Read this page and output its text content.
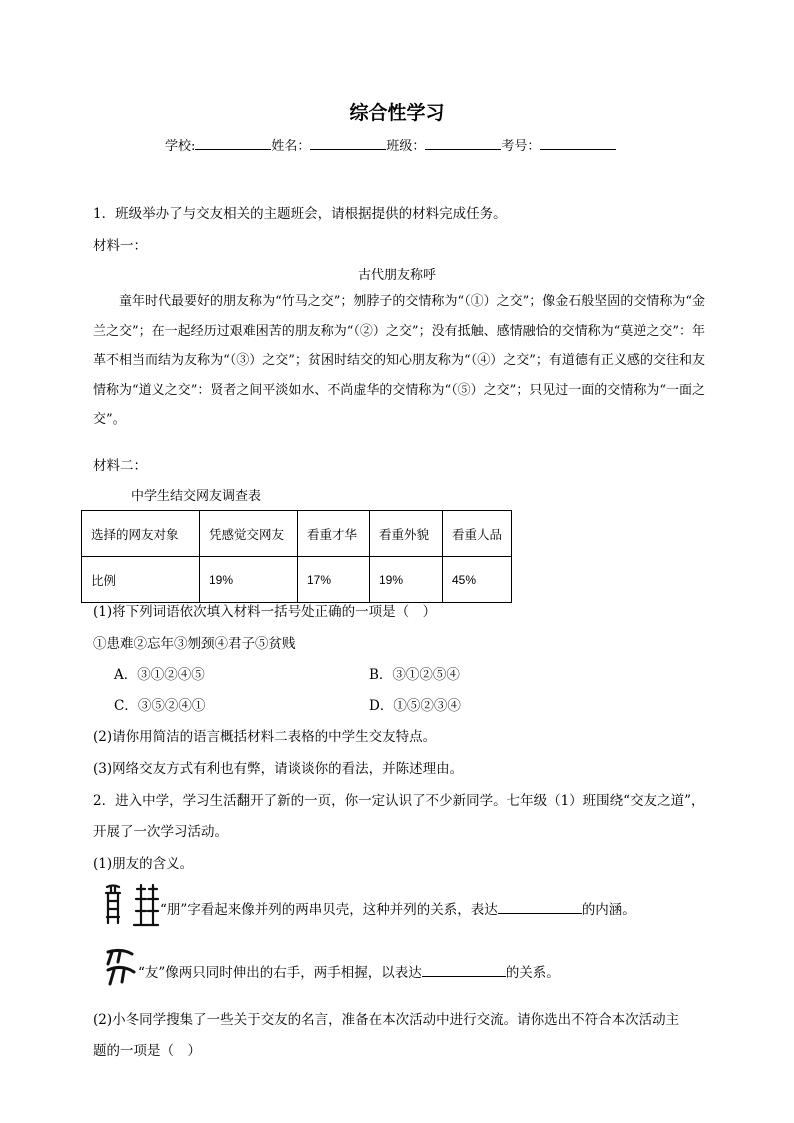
综合性学习
学校:	姓名：	班级：	考号：
1．班级举办了与交友相关的主题班会，请根据提供的材料完成任务。
材料一：
古代朋友称呼
童年时代最要好的朋友称为“竹马之交”；刎脖子的交情称为“（①）之交”；像金石般坚固的交情称为“金兰之交”；在一起经历过艰难困苦的朋友称为“（②）之交”；没有抵触、感情融恰的交情称为“莫逆之交”：年革不相当而结为友称为“（③）之交”；贫困时结交的知心朋友称为“（④）之交”；有道德有正义感的交往和友情称为“道义之交”：贤者之间平淡如水、不尚虚华的交情称为“（⑤）之交”；只见过一面的交情称为“一面之交”。
材料二：
中学生结交网友调查表
选择的网友对象	凭感觉交网友	看重才华	看重外貌	看重人品
比例	19%	17%	19%	45%
(1)将下列词语依次填入材料一括号处正确的一项是（　）
①患难②忘年③刎颈④君子⑤贫贱
A．③①②④⑤	B．③①②⑤④
C．③⑤②④①	D．①⑤②③④
(2)请你用简洁的语言概括材料二表格的中学生交友特点。
(3)网络交友方式有利也有弊，请谈谈你的看法，并陈述理由。
2．进入中学，学习生活翻开了新的一页，你一定认识了不少新同学。七年级（1）班围绕“交友之道”，
开展了一次学习活动。
(1)朋友的含义。
“朋”字看起来像并列的两串贝壳，这种并列的关系，表达	的内涵。
“友”像两只同时伸出的右手，两手相握，以表达	的关系。
(2)小冬同学搜集了一些关于交友的名言，准备在本次活动中进行交流。请你选出不符合本次活动主
题的一项是（　）
